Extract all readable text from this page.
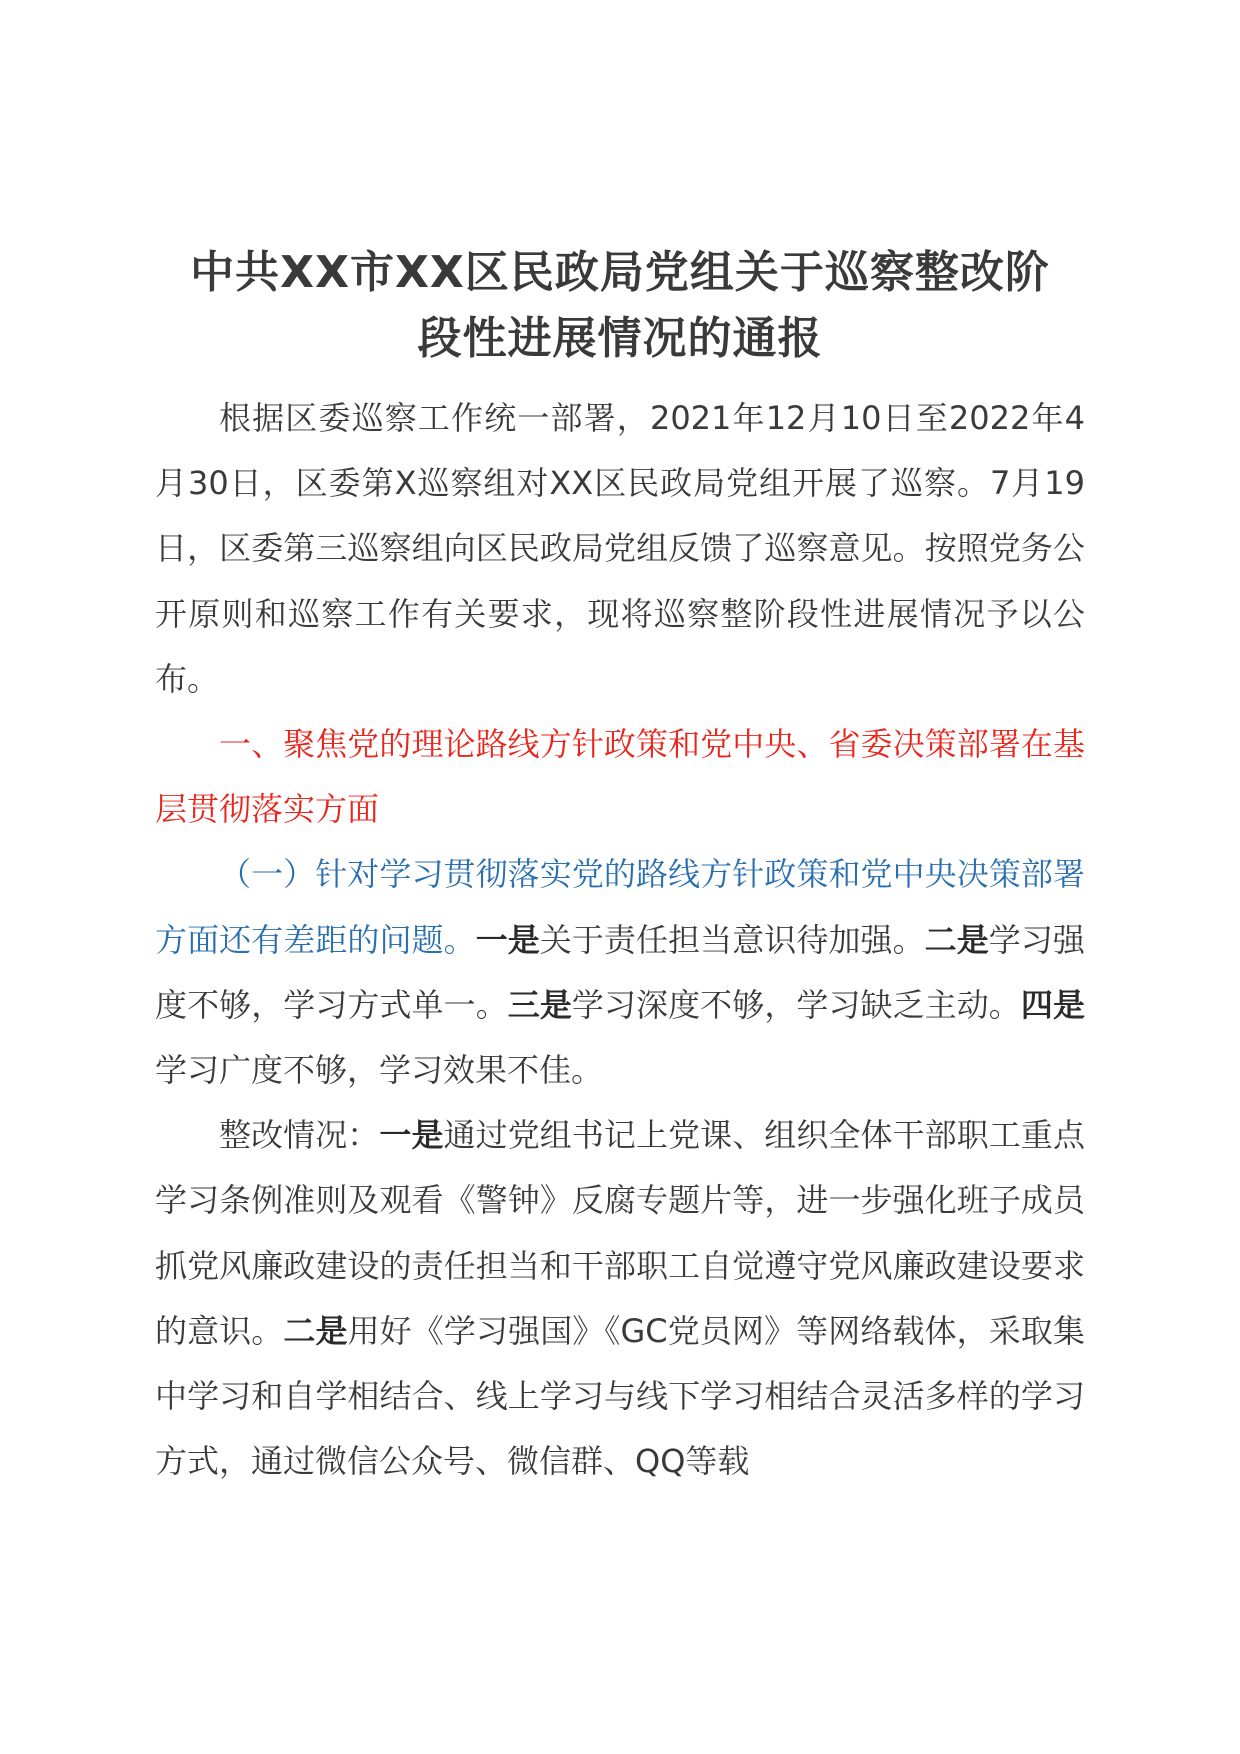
中共XX市XX区民政局党组关于巡察整改阶
段性进展情况的通报

根据区委巡察工作统一部署，2021年12月10日至2022年4月30日，区委第X巡察组对XX区民政局党组开展了巡察。7月19日，区委第三巡察组向区民政局党组反馈了巡察意见。按照党务公开原则和巡察工作有关要求，现将巡察整阶段性进展情况予以公布。

一、聚焦党的理论路线方针政策和党中央、省委决策部署在基层贯彻落实方面

（一）针对学习贯彻落实党的路线方针政策和党中央决策部署方面还有差距的问题。一是关于责任担当意识待加强。二是学习强度不够，学习方式单一。三是学习深度不够，学习缺乏主动。四是学习广度不够，学习效果不佳。

整改情况：一是通过党组书记上党课、组织全体干部职工重点学习条例准则及观看《警钟》反腐专题片等，进一步强化班子成员抓党风廉政建设的责任担当和干部职工自觉遵守党风廉政建设要求的意识。二是用好《学习强国》《GC党员网》等网络载体，采取集中学习和自学相结合、线上学习与线下学习相结合灵活多样的学习方式，通过微信公众号、微信群、QQ等载
